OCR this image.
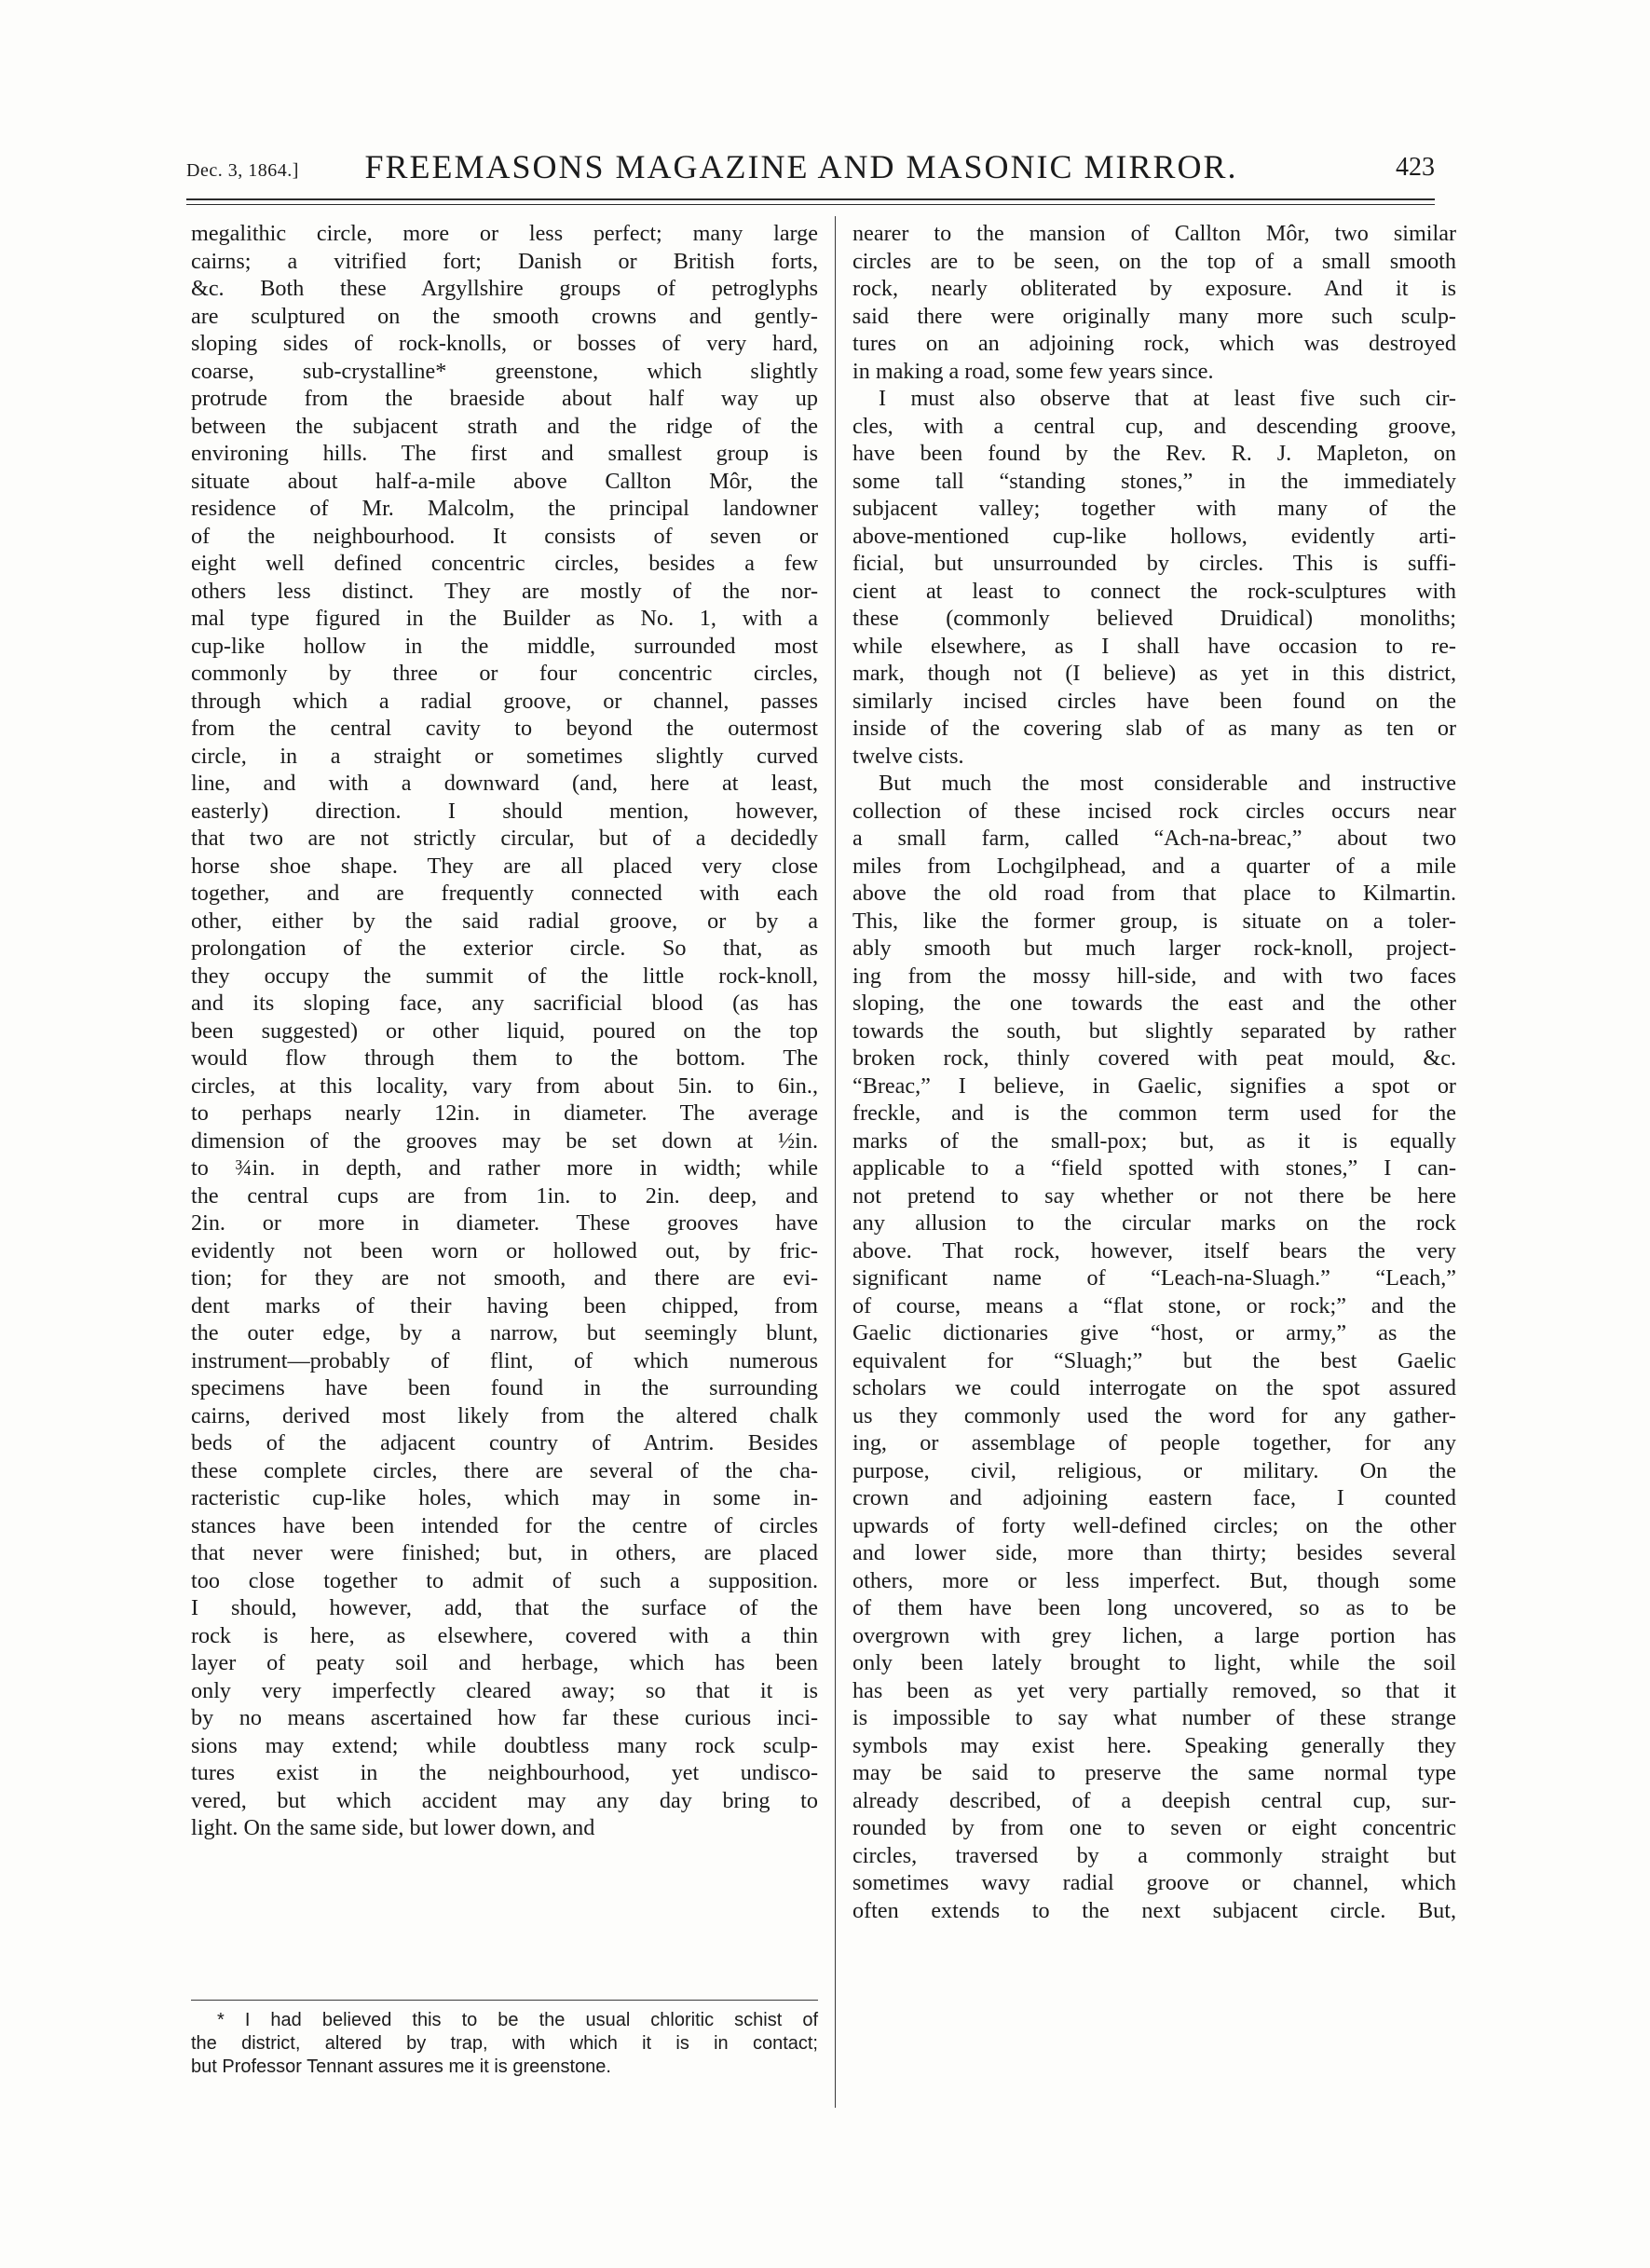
Dec. 3, 1864.]	FREEMASONS MAGAZINE AND MASONIC MIRROR.	423
megalithic circle, more or less perfect; many large
cairns; a vitrified fort; Danish or British forts,
&c. Both these Argyllshire groups of petroglyphs
are sculptured on the smooth crowns and gently-
sloping sides of rock-knolls, or bosses of very hard,
coarse, sub-crystalline* greenstone, which slightly
protrude from the braeside about half way up
between the subjacent strath and the ridge of the
environing hills. The first and smallest group is
situate about half-a-mile above Callton Môr, the
residence of Mr. Malcolm, the principal landowner
of the neighbourhood. It consists of seven or
eight well defined concentric circles, besides a few
others less distinct. They are mostly of the nor-
mal type figured in the Builder as No. 1, with a
cup-like hollow in the middle, surrounded most
commonly by three or four concentric circles,
through which a radial groove, or channel, passes
from the central cavity to beyond the outermost
circle, in a straight or sometimes slightly curved
line, and with a downward (and, here at least,
easterly) direction. I should mention, however,
that two are not strictly circular, but of a decidedly
horse shoe shape. They are all placed very close
together, and are frequently connected with each
other, either by the said radial groove, or by a
prolongation of the exterior circle. So that, as
they occupy the summit of the little rock-knoll,
and its sloping face, any sacrificial blood (as has
been suggested) or other liquid, poured on the top
would flow through them to the bottom. The
circles, at this locality, vary from about 5in. to 6in.,
to perhaps nearly 12in. in diameter. The average
dimension of the grooves may be set down at ½in.
to ¾in. in depth, and rather more in width; while
the central cups are from 1in. to 2in. deep, and
2in. or more in diameter. These grooves have
evidently not been worn or hollowed out, by fric-
tion; for they are not smooth, and there are evi-
dent marks of their having been chipped, from
the outer edge, by a narrow, but seemingly blunt,
instrument—probably of flint, of which numerous
specimens have been found in the surrounding
cairns, derived most likely from the altered chalk
beds of the adjacent country of Antrim. Besides
these complete circles, there are several of the cha-
racteristic cup-like holes, which may in some in-
stances have been intended for the centre of circles
that never were finished; but, in others, are placed
too close together to admit of such a supposition.
I should, however, add, that the surface of the
rock is here, as elsewhere, covered with a thin
layer of peaty soil and herbage, which has been
only very imperfectly cleared away; so that it is
by no means ascertained how far these curious inci-
sions may extend; while doubtless many rock sculp-
tures exist in the neighbourhood, yet undisco-
vered, but which accident may any day bring to
light. On the same side, but lower down, and
nearer to the mansion of Callton Môr, two similar
circles are to be seen, on the top of a small smooth
rock, nearly obliterated by exposure. And it is
said there were originally many more such sculp-
tures on an adjoining rock, which was destroyed
in making a road, some few years since.
I must also observe that at least five such cir-
cles, with a central cup, and descending groove,
have been found by the Rev. R. J. Mapleton, on
some tall “standing stones,” in the immediately
subjacent valley; together with many of the
above-mentioned cup-like hollows, evidently arti-
ficial, but unsurrounded by circles. This is suffi-
cient at least to connect the rock-sculptures with
these (commonly believed Druidical) monoliths;
while elsewhere, as I shall have occasion to re-
mark, though not (I believe) as yet in this district,
similarly incised circles have been found on the
inside of the covering slab of as many as ten or
twelve cists.
But much the most considerable and instructive
collection of these incised rock circles occurs near
a small farm, called “Ach-na-breac,” about two
miles from Lochgilphead, and a quarter of a mile
above the old road from that place to Kilmartin.
This, like the former group, is situate on a toler-
ably smooth but much larger rock-knoll, project-
ing from the mossy hill-side, and with two faces
sloping, the one towards the east and the other
towards the south, but slightly separated by rather
broken rock, thinly covered with peat mould, &c.
“Breac,” I believe, in Gaelic, signifies a spot or
freckle, and is the common term used for the
marks of the small-pox; but, as it is equally
applicable to a “field spotted with stones,” I can-
not pretend to say whether or not there be here
any allusion to the circular marks on the rock
above. That rock, however, itself bears the very
significant name of “Leach-na-Sluagh.” “Leach,”
of course, means a “flat stone, or rock;” and the
Gaelic dictionaries give “host, or army,” as the
equivalent for “Sluagh;” but the best Gaelic
scholars we could interrogate on the spot assured
us they commonly used the word for any gather-
ing, or assemblage of people together, for any
purpose, civil, religious, or military. On the
crown and adjoining eastern face, I counted
upwards of forty well-defined circles; on the other
and lower side, more than thirty; besides several
others, more or less imperfect. But, though some
of them have been long uncovered, so as to be
overgrown with grey lichen, a large portion has
only been lately brought to light, while the soil
has been as yet very partially removed, so that it
is impossible to say what number of these strange
symbols may exist here. Speaking generally they
may be said to preserve the same normal type
already described, of a deepish central cup, sur-
rounded by from one to seven or eight concentric
circles, traversed by a commonly straight but
sometimes wavy radial groove or channel, which
often extends to the next subjacent circle. But,
* I had believed this to be the usual chloritic schist of
the district, altered by trap, with which it is in contact;
but Professor Tennant assures me it is greenstone.
